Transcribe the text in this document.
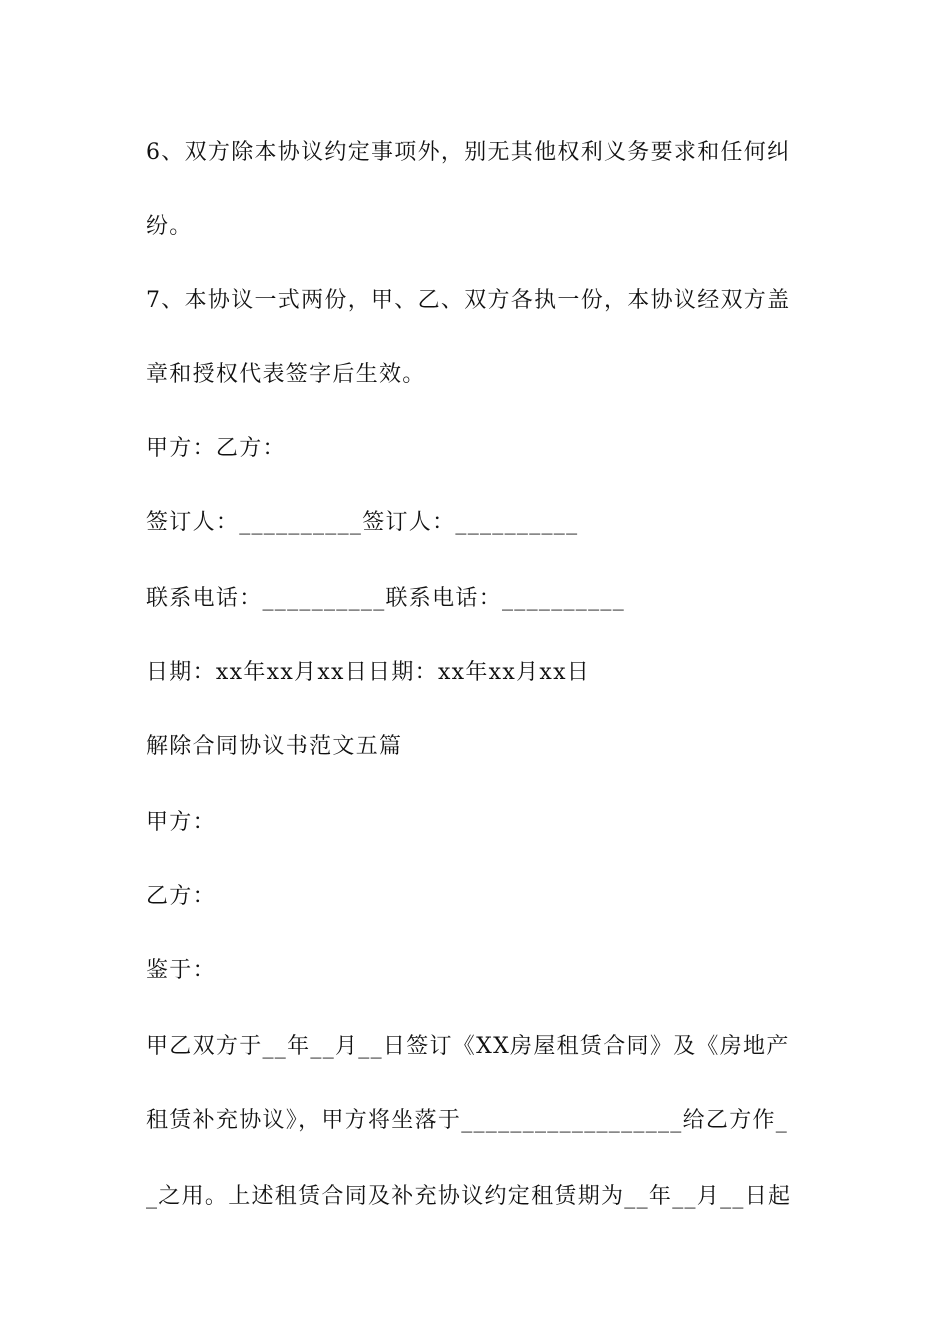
6、双方除本协议约定事项外，别无其他权利义务要求和任何纠
纷。
7、本协议一式两份，甲、乙、双方各执一份，本协议经双方盖
章和授权代表签字后生效。
甲方：乙方：
签订人：__________签订人：__________
联系电话：__________联系电话：__________
日期：xx年xx月xx日日期：xx年xx月xx日
解除合同协议书范文五篇
甲方：
乙方：
鉴于：
甲乙双方于__年__月__日签订《XX房屋租赁合同》及《房地产
租赁补充协议》，甲方将坐落于__________________给乙方作_
_之用。上述租赁合同及补充协议约定租赁期为__年__月__日起
